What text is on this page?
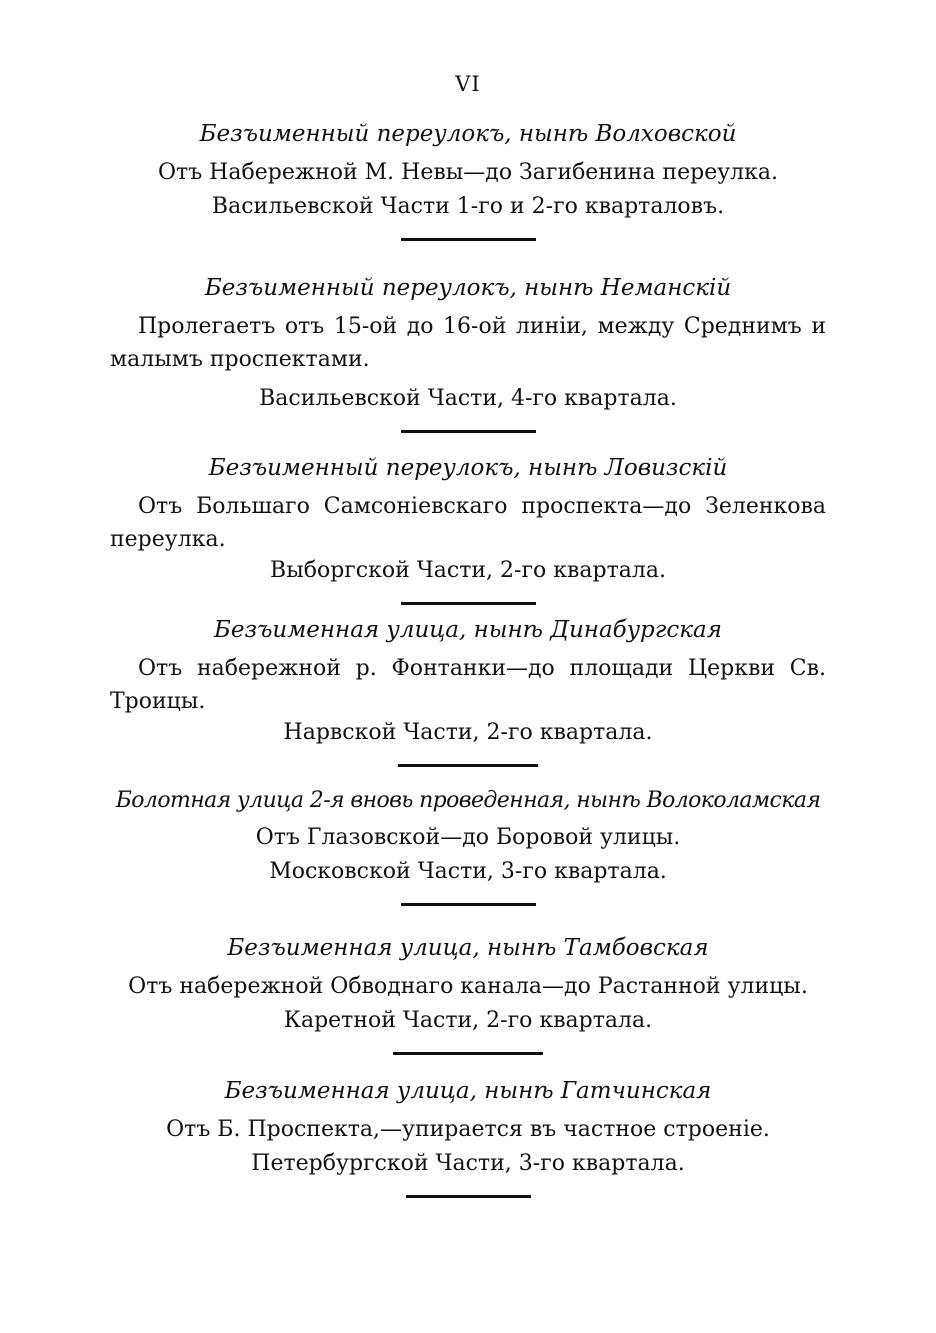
VI
Безъименный переулокъ, нынѣ Волховской
Отъ Набережной М. Невы—до Загибенина переулка.
Васильевской Части 1-го и 2-го кварталовъ.
Безъименный переулокъ, нынѣ Неманскій
Пролегаетъ отъ 15-ой до 16-ой линіи, между Среднимъ и малымъ проспектами.
Васильевской Части, 4-го квартала.
Безъименный переулокъ, нынѣ Ловизскій
Отъ Большаго Самсоніевскаго проспекта—до Зеленкова переулка.
Выборгской Части, 2-го квартала.
Безъименная улица, нынѣ Динабургская
Отъ набережной р. Фонтанки—до площади Церкви Св. Троицы.
Нарвской Части, 2-го квартала.
Болотная улица 2-я вновь проведенная, нынѣ Волоколамская
Отъ Глазовской—до Боровой улицы.
Московской Части, 3-го квартала.
Безъименная улица, нынѣ Тамбовская
Отъ набережной Обводнаго канала—до Растанной улицы.
Каретной Части, 2-го квартала.
Безъименная улица, нынѣ Гатчинская
Отъ Б. Проспекта,—упирается въ частное строеніе.
Петербургской Части, 3-го квартала.
